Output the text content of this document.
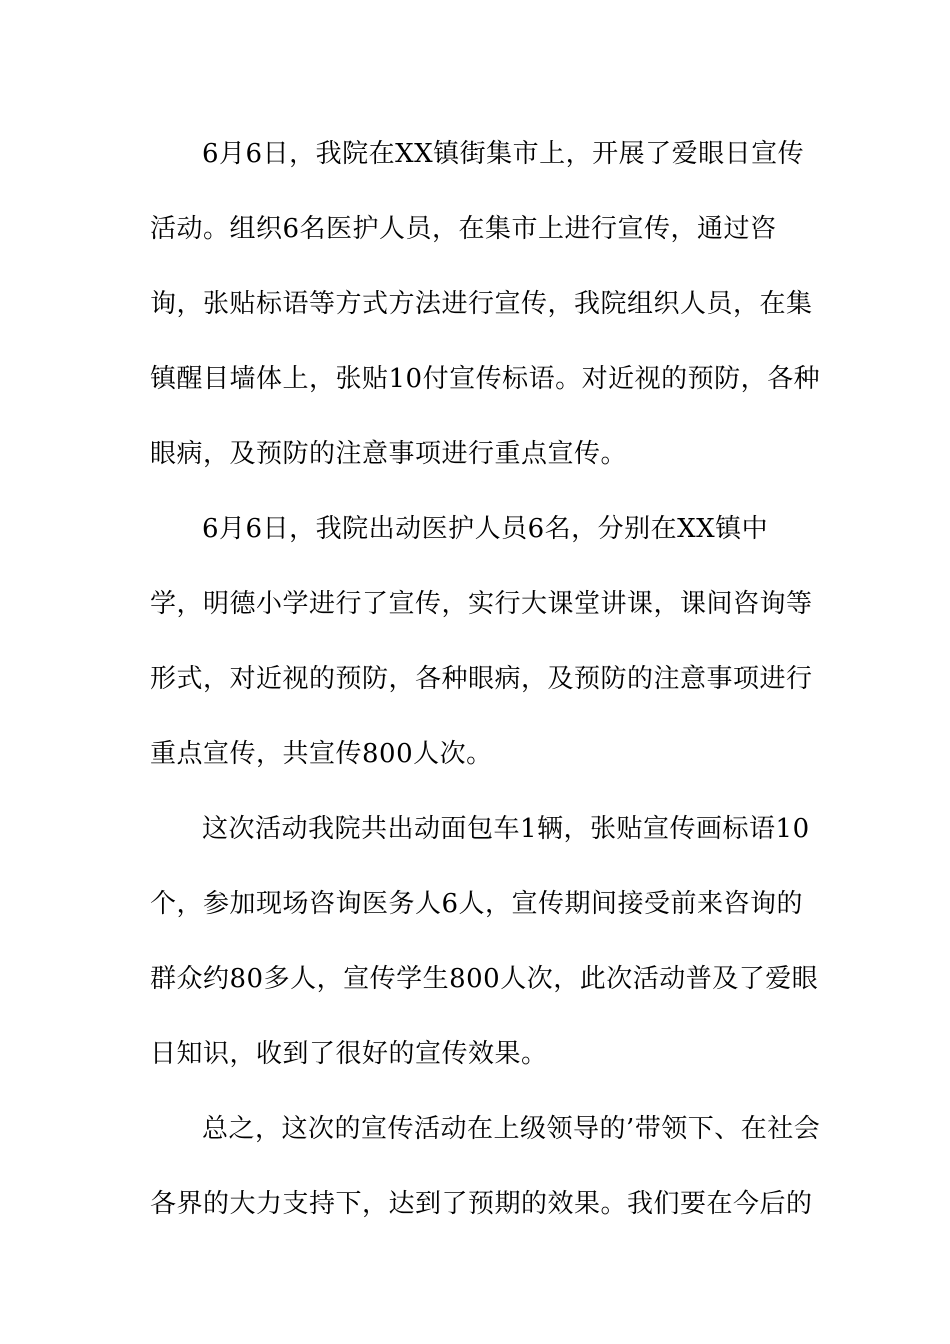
6月6日，我院在XX镇街集市上，开展了爱眼日宣传
活动。组织6名医护人员，在集市上进行宣传，通过咨
询，张贴标语等方式方法进行宣传，我院组织人员，在集
镇醒目墙体上，张贴10付宣传标语。对近视的预防，各种
眼病，及预防的注意事项进行重点宣传。
6月6日，我院出动医护人员6名，分别在XX镇中
学，明德小学进行了宣传，实行大课堂讲课，课间咨询等
形式，对近视的预防，各种眼病，及预防的注意事项进行
重点宣传，共宣传800人次。
这次活动我院共出动面包车1辆，张贴宣传画标语10
个，参加现场咨询医务人6人，宣传期间接受前来咨询的
群众约80多人，宣传学生800人次，此次活动普及了爱眼
日知识，收到了很好的宣传效果。
总之，这次的宣传活动在上级领导的’带领下、在社会
各界的大力支持下，达到了预期的效果。我们要在今后的
